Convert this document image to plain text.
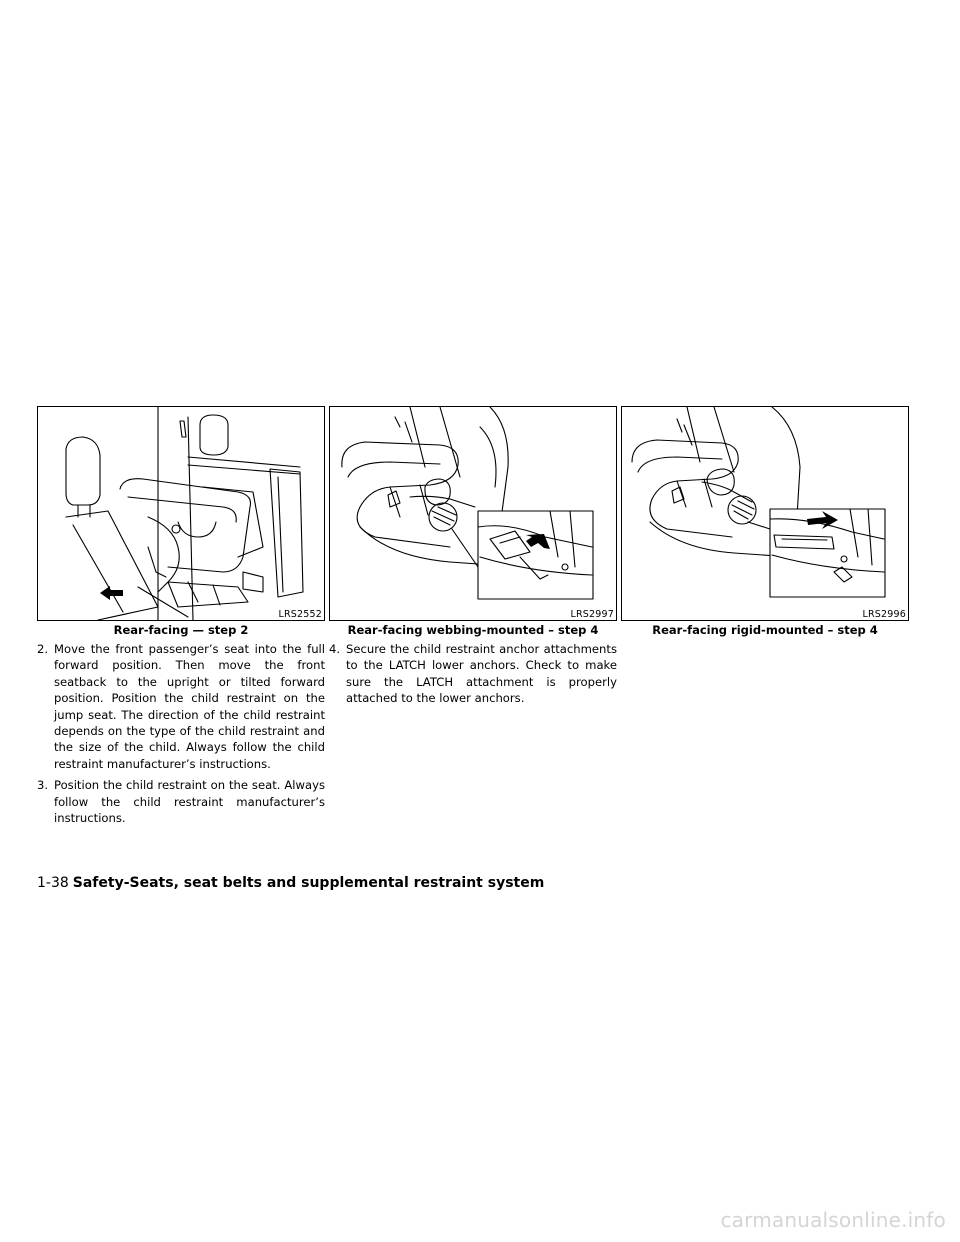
LRS2552
Rear-facing — step 2

2. Move the front passenger’s seat into the full forward position. Then move the front seatback to the upright or tilted forward position. Position the child restraint on the jump seat. The direction of the child restraint depends on the type of the child restraint and the size of the child. Always follow the child restraint manufacturer’s instructions.

3. Position the child restraint on the seat. Always follow the child restraint manufacturer’s instructions.

LRS2997
Rear-facing webbing-mounted – step 4

4. Secure the child restraint anchor attachments to the LATCH lower anchors. Check to make sure the LATCH attachment is properly attached to the lower anchors.

LRS2996
Rear-facing rigid-mounted – step 4
1-38 Safety-Seats, seat belts and supplemental restraint system
carmanualsonline.info
